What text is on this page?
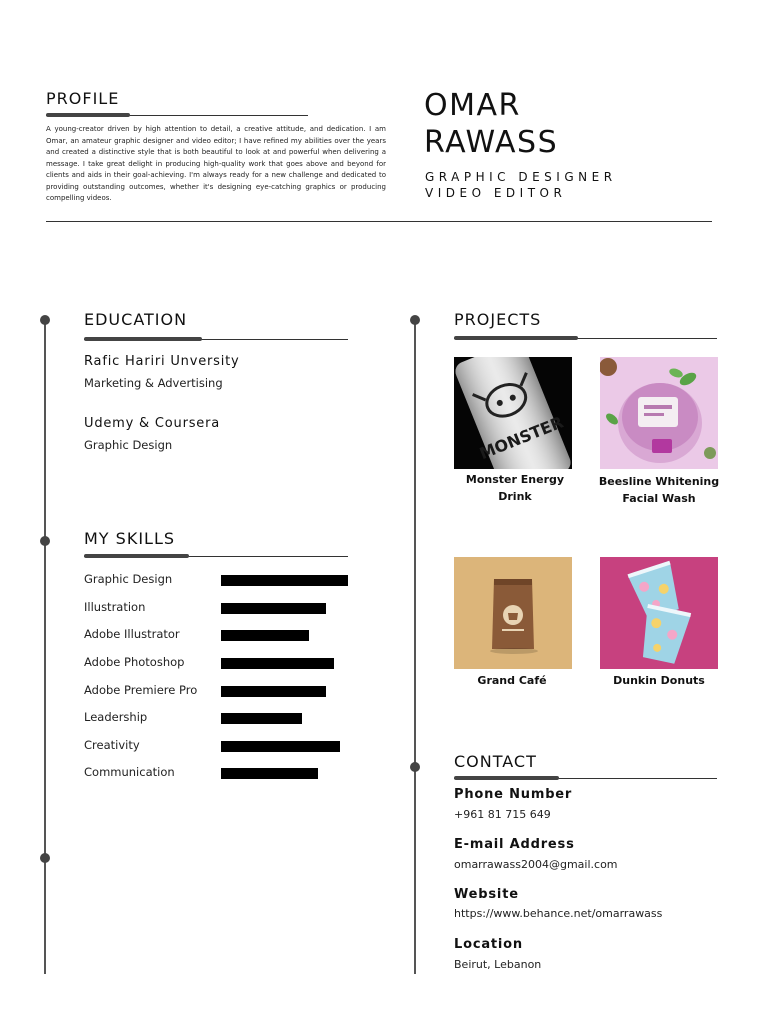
PROFILE
A young-creator driven by high attention to detail, a creative attitude, and dedication. I am Omar, an amateur graphic designer and video editor; I have refined my abilities over the years and created a distinctive style that is both beautiful to look at and powerful when delivering a message. I take great delight in producing high-quality work that goes above and beyond for clients and aids in their goal-achieving. I'm always ready for a new challenge and dedicated to providing outstanding outcomes, whether it's designing eye-catching graphics or producing compelling videos.
OMAR
RAWASS
GRAPHIC DESIGNER
VIDEO EDITOR
EDUCATION
Rafic Hariri Unversity
Marketing & Advertising
Udemy & Coursera
Graphic Design
MY SKILLS
Graphic Design
Illustration
Adobe Illustrator
Adobe Photoshop
Adobe Premiere Pro
Leadership
Creativity
Communication
PROJECTS
MONSTER
Monster Energy Drink
Beesline Whitening
Facial Wash
Grand Café	Dunkin Donuts
CONTACT
Phone Number
+961 81 715 649
E-mail Address
omarrawass2004@gmail.com
Website
https://www.behance.net/omarrawass
Location
Beirut, Lebanon
